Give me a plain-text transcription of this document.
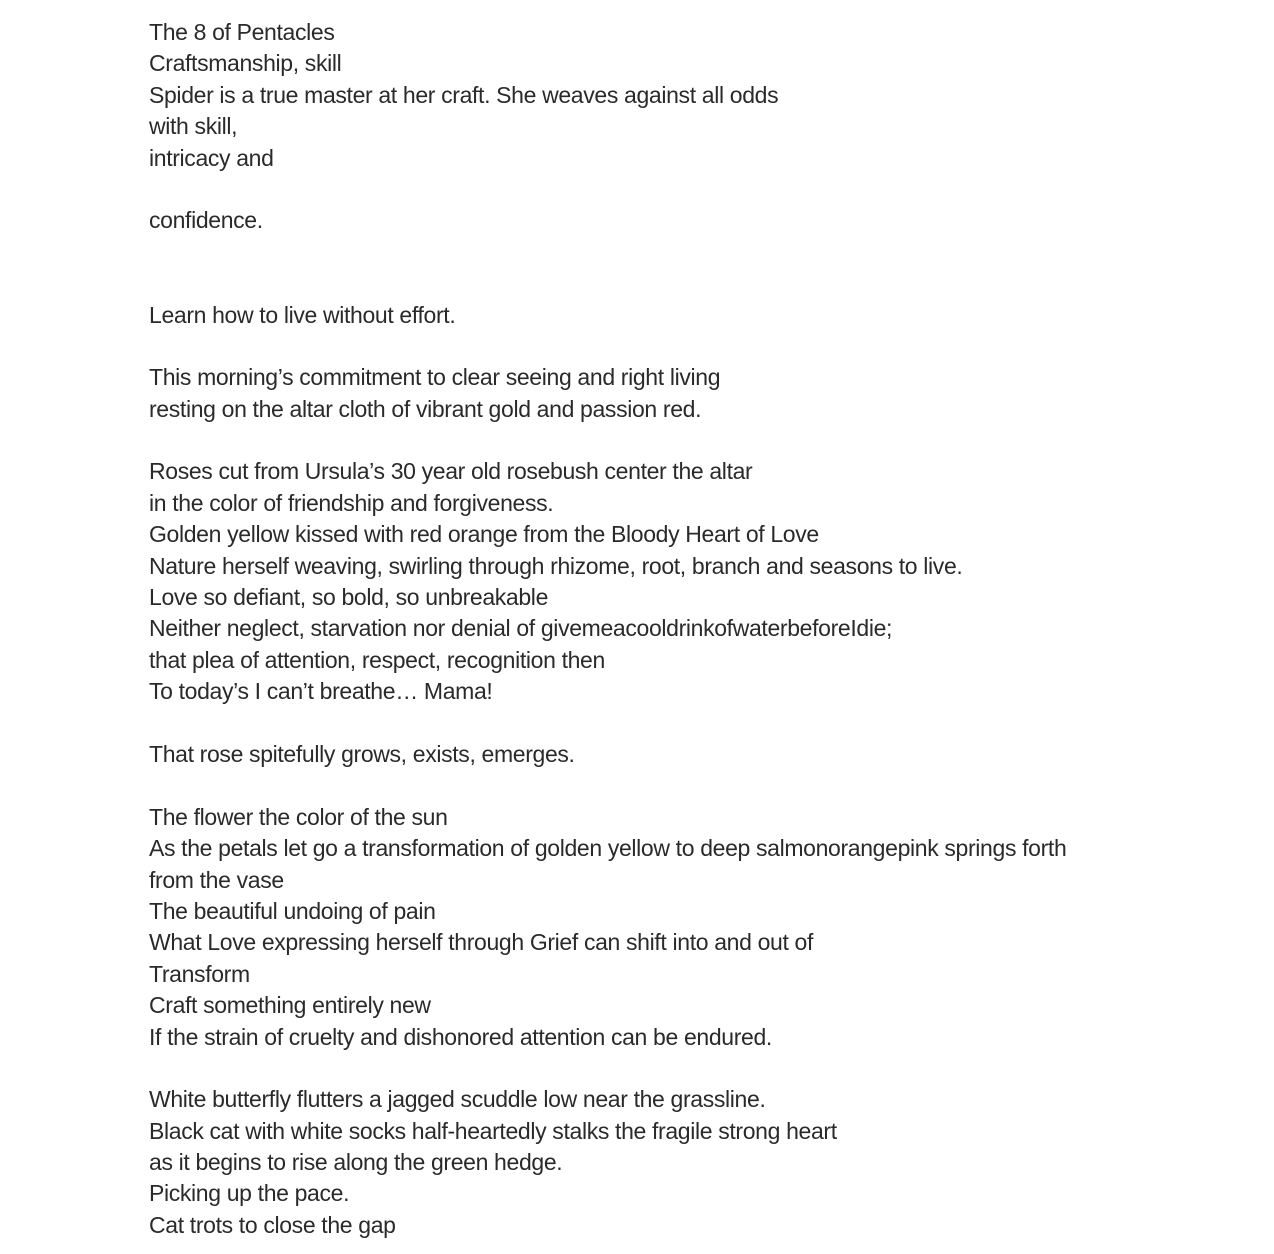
The 8 of Pentacles
Craftsmanship, skill
Spider is a true master at her craft. She weaves against all odds
with skill,
intricacy and
confidence.
Learn how to live without effort.
This morning’s commitment to clear seeing and right living
resting on the altar cloth of vibrant gold and passion red.
Roses cut from Ursula’s 30 year old rosebush center the altar
in the color of friendship and forgiveness.
Golden yellow kissed with red orange from the Bloody Heart of Love
Nature herself weaving, swirling through rhizome, root, branch and seasons to live.
Love so defiant, so bold, so unbreakable
Neither neglect, starvation nor denial of givemeacooldrinkofwaterbeforeIdie;
that plea of attention, respect, recognition then
To today’s I can’t breathe… Mama!
That rose spitefully grows, exists, emerges.
The flower the color of the sun
As the petals let go a transformation of golden yellow to deep salmonorangepink springs forth
from the vase
The beautiful undoing of pain
What Love expressing herself through Grief can shift into and out of
Transform
Craft something entirely new
If the strain of cruelty and dishonored attention can be endured.
White butterfly flutters a jagged scuddle low near the grassline.
Black cat with white socks half-heartedly stalks the fragile strong heart
as it begins to rise along the green hedge.
Picking up the pace.
Cat trots to close the gap
